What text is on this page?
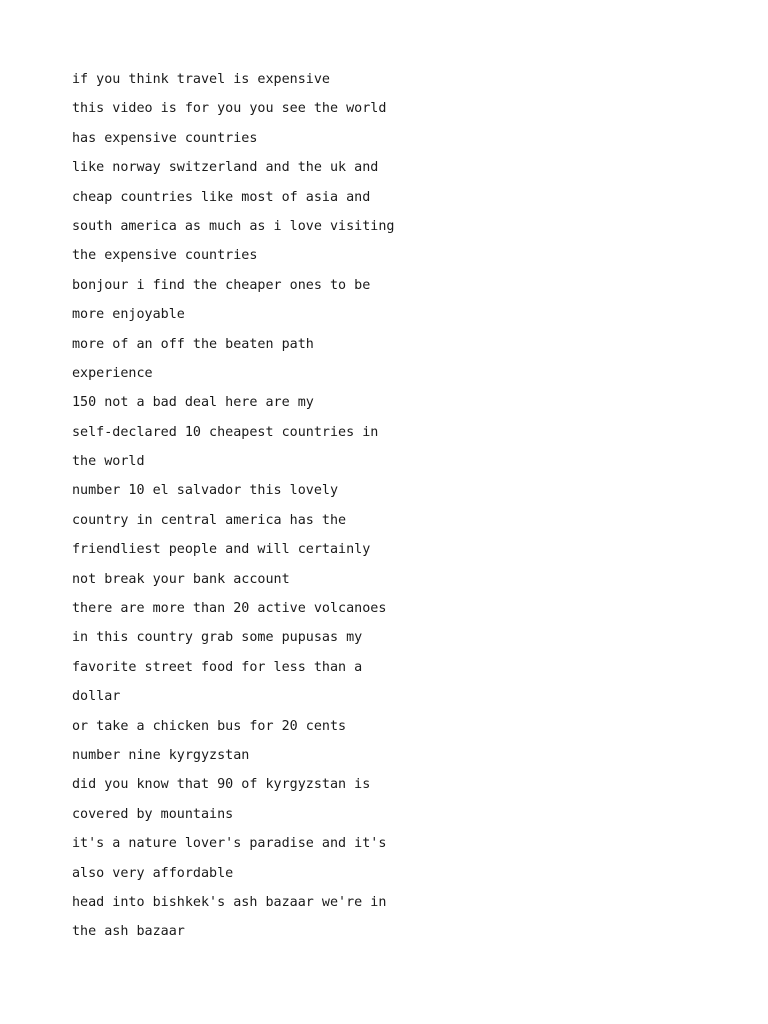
if you think travel is expensive
this video is for you you see the world
has expensive countries
like norway switzerland and the uk and
cheap countries like most of asia and
south america as much as i love visiting
the expensive countries
bonjour i find the cheaper ones to be
more enjoyable
more of an off the beaten path
experience
150 not a bad deal here are my
self-declared 10 cheapest countries in
the world
number 10 el salvador this lovely
country in central america has the
friendliest people and will certainly
not break your bank account
there are more than 20 active volcanoes
in this country grab some pupusas my
favorite street food for less than a
dollar
or take a chicken bus for 20 cents
number nine kyrgyzstan
did you know that 90 of kyrgyzstan is
covered by mountains
it's a nature lover's paradise and it's
also very affordable
head into bishkek's ash bazaar we're in
the ash bazaar
